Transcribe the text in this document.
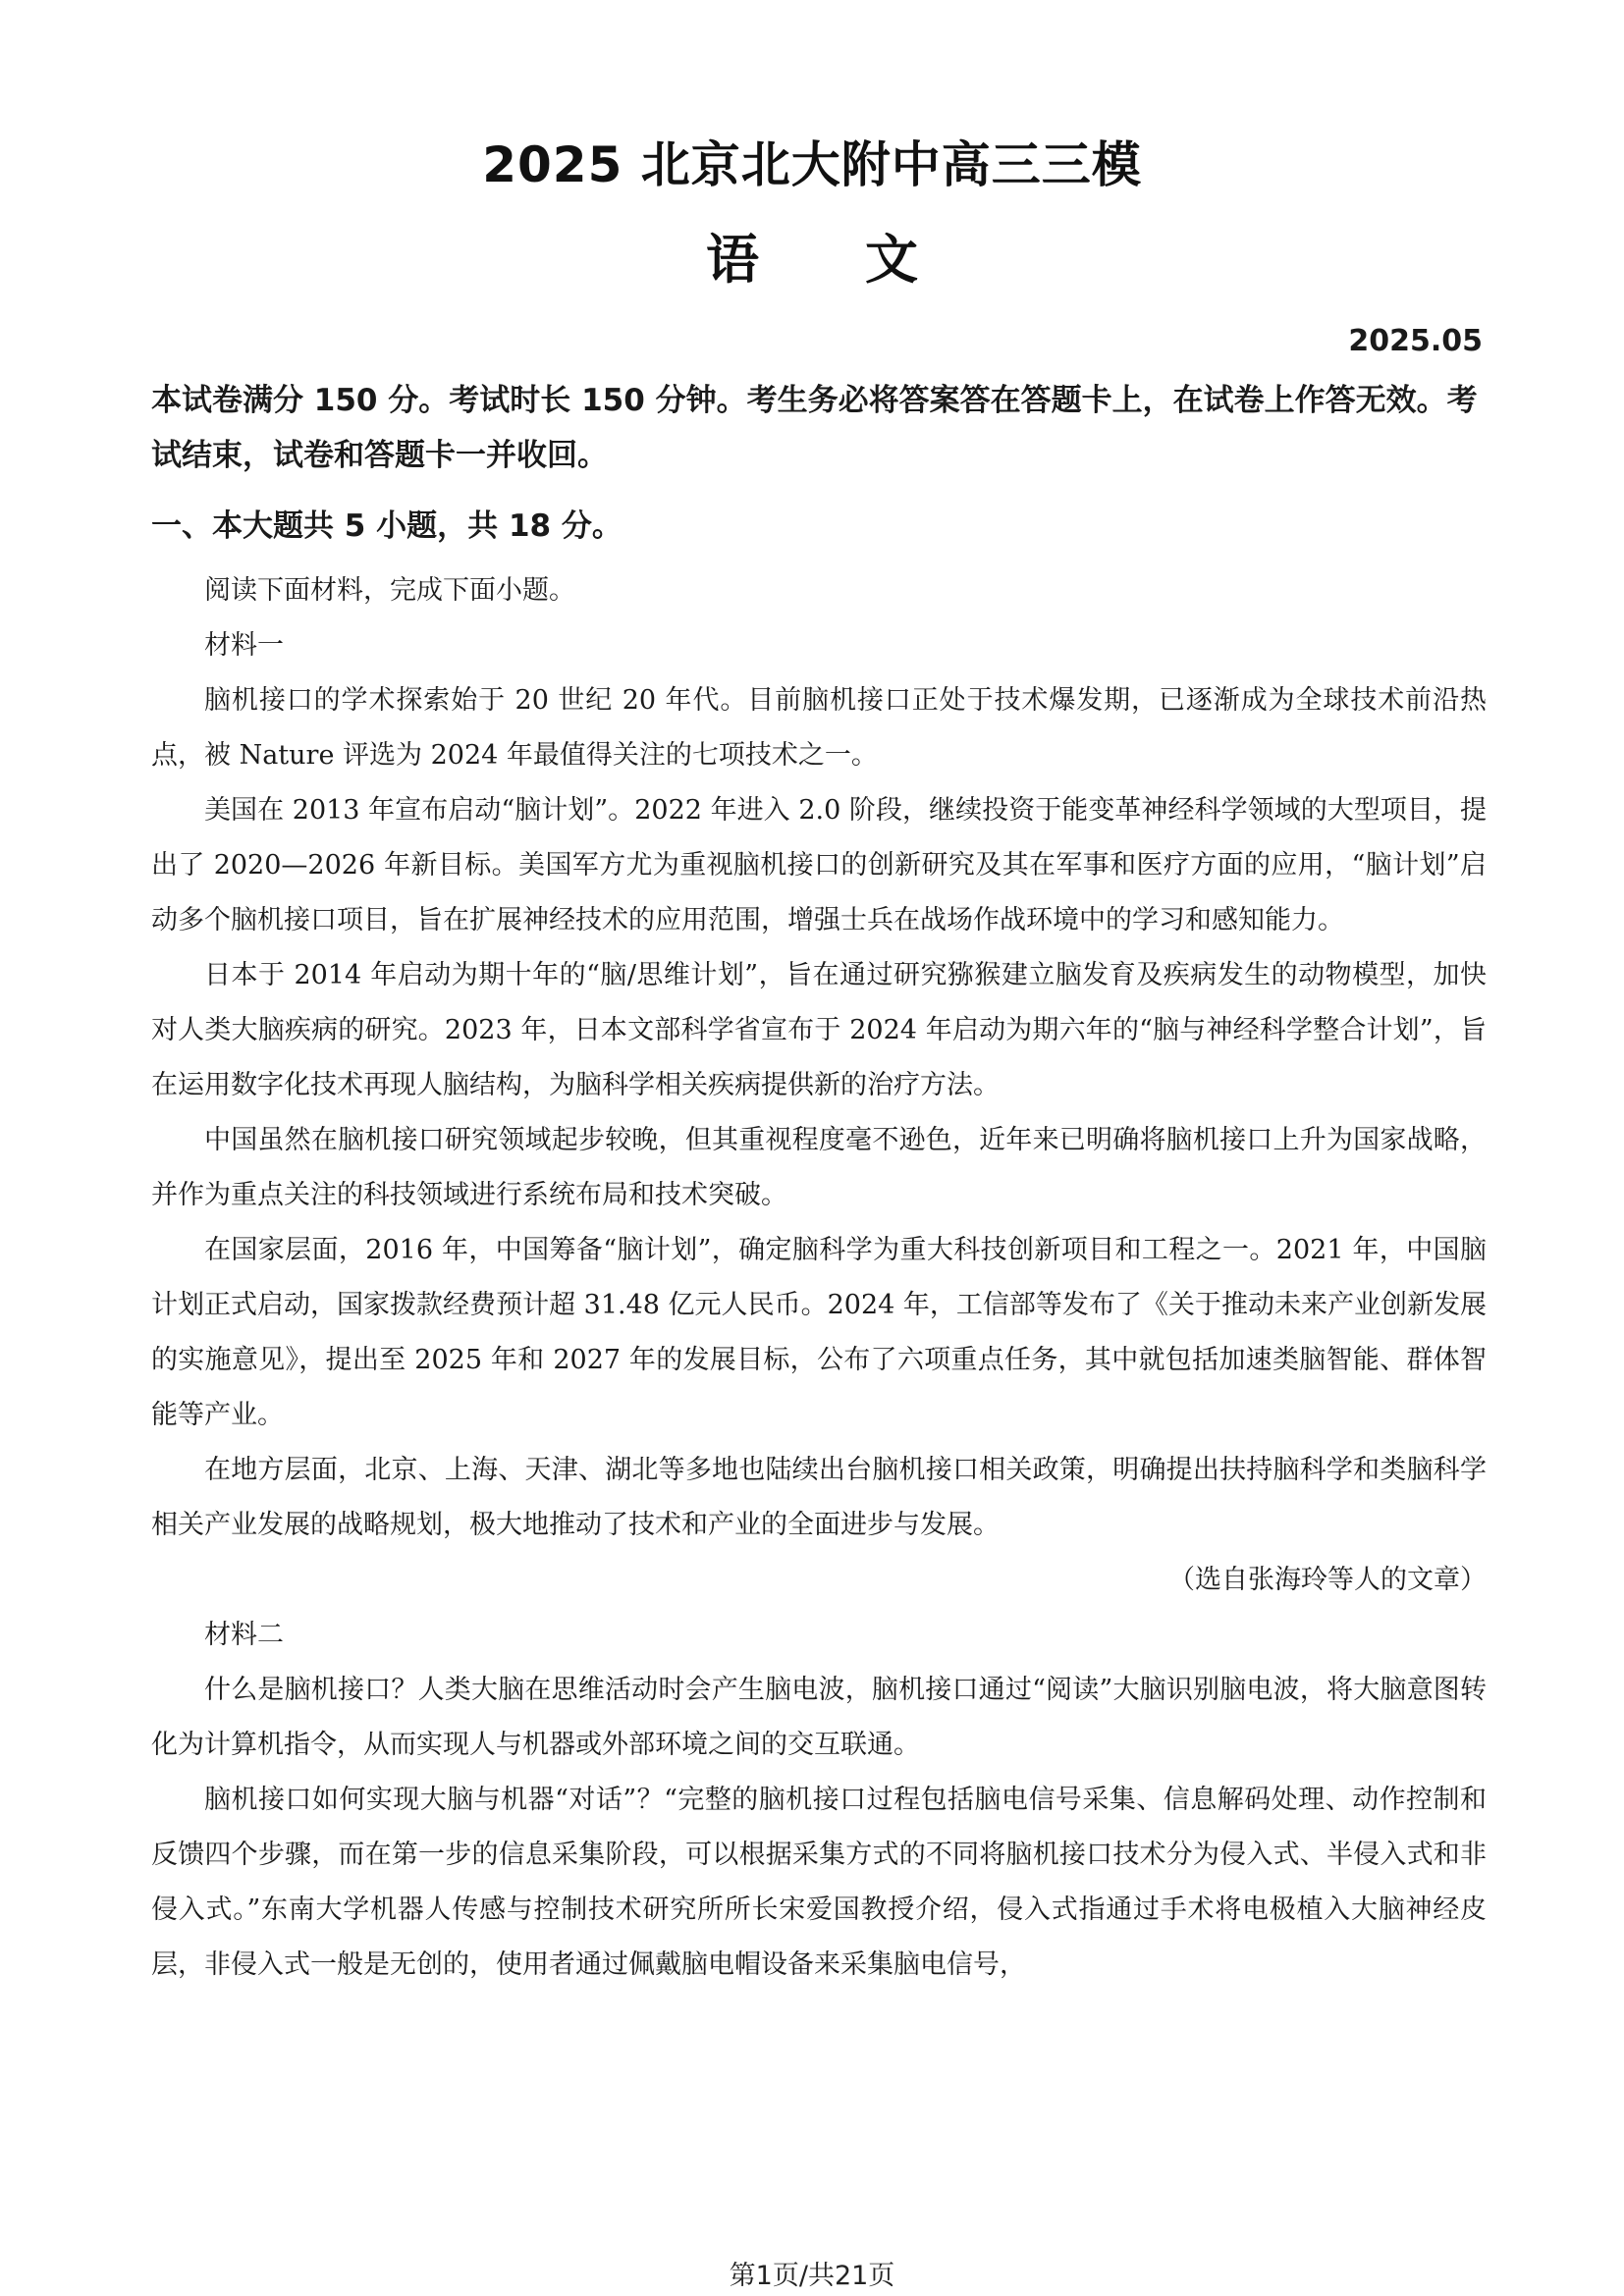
2025 北京北大附中高三三模
语　　文
2025.05
本试卷满分 150 分。考试时长 150 分钟。考生务必将答案答在答题卡上，在试卷上作答无效。考试结束，试卷和答题卡一并收回。
一、本大题共 5 小题，共 18 分。

阅读下面材料，完成下面小题。

材料一

脑机接口的学术探索始于 20 世纪 20 年代。目前脑机接口正处于技术爆发期，已逐渐成为全球技术前沿热点，被 Nature 评选为 2024 年最值得关注的七项技术之一。

美国在 2013 年宣布启动“脑计划”。2022 年进入 2.0 阶段，继续投资于能变革神经科学领域的大型项目，提出了 2020—2026 年新目标。美国军方尤为重视脑机接口的创新研究及其在军事和医疗方面的应用，“脑计划”启动多个脑机接口项目，旨在扩展神经技术的应用范围，增强士兵在战场作战环境中的学习和感知能力。

日本于 2014 年启动为期十年的“脑/思维计划”，旨在通过研究猕猴建立脑发育及疾病发生的动物模型，加快对人类大脑疾病的研究。2023 年，日本文部科学省宣布于 2024 年启动为期六年的“脑与神经科学整合计划”，旨在运用数字化技术再现人脑结构，为脑科学相关疾病提供新的治疗方法。

中国虽然在脑机接口研究领域起步较晚，但其重视程度毫不逊色，近年来已明确将脑机接口上升为国家战略，并作为重点关注的科技领域进行系统布局和技术突破。

在国家层面，2016 年，中国筹备“脑计划”，确定脑科学为重大科技创新项目和工程之一。2021 年，中国脑计划正式启动，国家拨款经费预计超 31.48 亿元人民币。2024 年，工信部等发布了《关于推动未来产业创新发展的实施意见》，提出至 2025 年和 2027 年的发展目标，公布了六项重点任务，其中就包括加速类脑智能、群体智能等产业。

在地方层面，北京、上海、天津、湖北等多地也陆续出台脑机接口相关政策，明确提出扶持脑科学和类脑科学相关产业发展的战略规划，极大地推动了技术和产业的全面进步与发展。

（选自张海玲等人的文章）

材料二

什么是脑机接口？人类大脑在思维活动时会产生脑电波，脑机接口通过“阅读”大脑识别脑电波，将大脑意图转化为计算机指令，从而实现人与机器或外部环境之间的交互联通。

脑机接口如何实现大脑与机器“对话”？“完整的脑机接口过程包括脑电信号采集、信息解码处理、动作控制和反馈四个步骤，而在第一步的信息采集阶段，可以根据采集方式的不同将脑机接口技术分为侵入式、半侵入式和非侵入式。”东南大学机器人传感与控制技术研究所所长宋爱国教授介绍，侵入式指通过手术将电极植入大脑神经皮层，非侵入式一般是无创的，使用者通过佩戴脑电帽设备来采集脑电信号，

第1页/共21页
